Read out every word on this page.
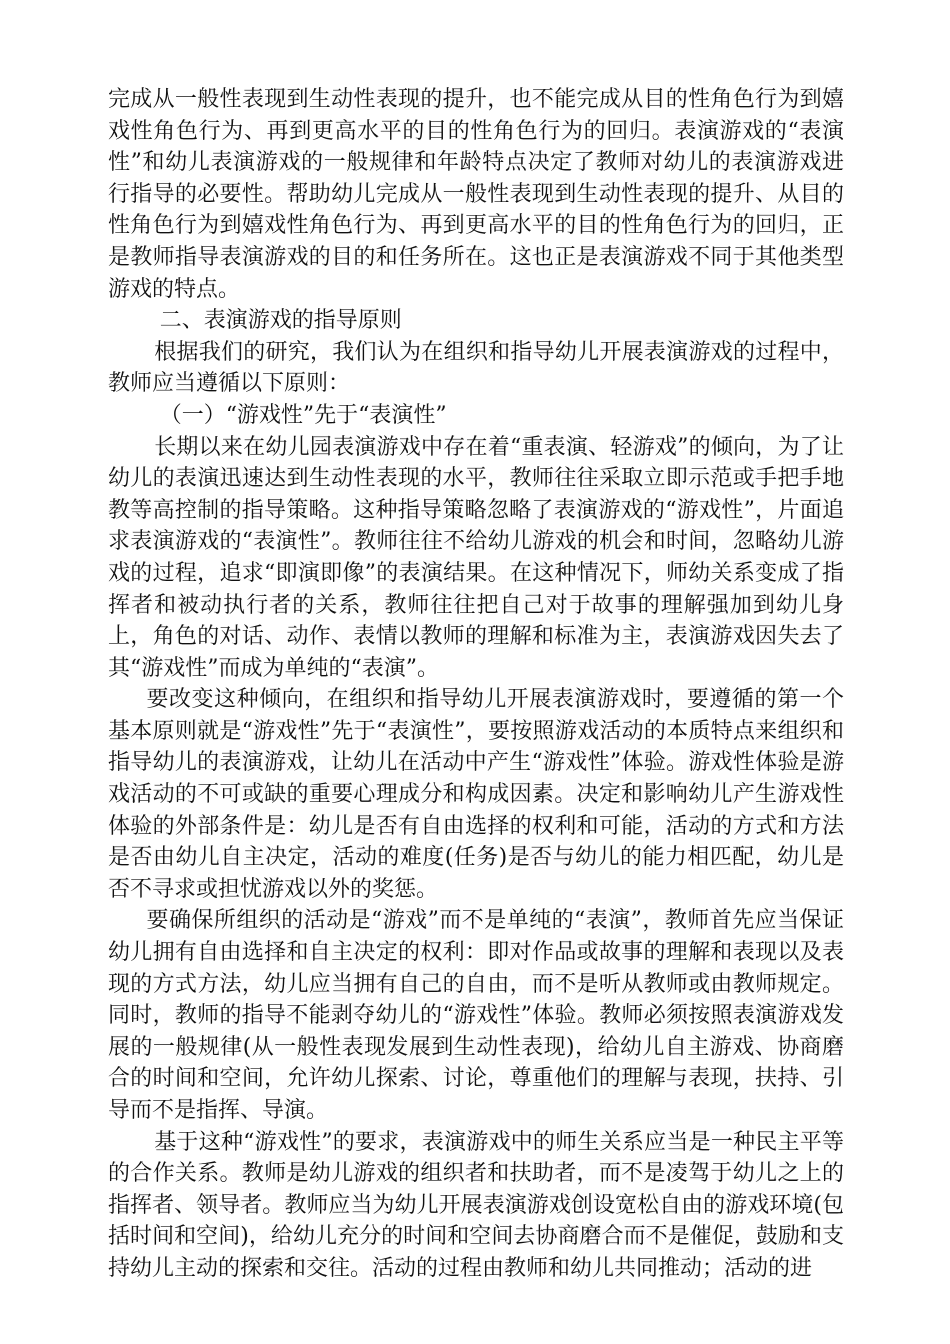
完成从一般性表现到生动性表现的提升，也不能完成从目的性角色行为到嬉戏性角色行为、再到更高水平的目的性角色行为的回归。表演游戏的“表演性”和幼儿表演游戏的一般规律和年龄特点决定了教师对幼儿的表演游戏进行指导的必要性。帮助幼儿完成从一般性表现到生动性表现的提升、从目的性角色行为到嬉戏性角色行为、再到更高水平的目的性角色行为的回归，正是教师指导表演游戏的目的和任务所在。这也正是表演游戏不同于其他类型游戏的特点。

二、表演游戏的指导原则

根据我们的研究，我们认为在组织和指导幼儿开展表演游戏的过程中，教师应当遵循以下原则：

（一）“游戏性”先于“表演性”

长期以来在幼儿园表演游戏中存在着“重表演、轻游戏”的倾向，为了让幼儿的表演迅速达到生动性表现的水平，教师往往采取立即示范或手把手地教等高控制的指导策略。这种指导策略忽略了表演游戏的“游戏性”，片面追求表演游戏的“表演性”。教师往往不给幼儿游戏的机会和时间，忽略幼儿游戏的过程，追求“即演即像”的表演结果。在这种情况下，师幼关系变成了指挥者和被动执行者的关系，教师往往把自己对于故事的理解强加到幼儿身上，角色的对话、动作、表情以教师的理解和标准为主，表演游戏因失去了其“游戏性”而成为单纯的“表演”。

要改变这种倾向，在组织和指导幼儿开展表演游戏时，要遵循的第一个基本原则就是“游戏性”先于“表演性”，要按照游戏活动的本质特点来组织和指导幼儿的表演游戏，让幼儿在活动中产生“游戏性”体验。游戏性体验是游戏活动的不可或缺的重要心理成分和构成因素。决定和影响幼儿产生游戏性体验的外部条件是：幼儿是否有自由选择的权利和可能，活动的方式和方法是否由幼儿自主决定，活动的难度(任务)是否与幼儿的能力相匹配，幼儿是否不寻求或担忧游戏以外的奖惩。

要确保所组织的活动是“游戏”而不是单纯的“表演”，教师首先应当保证幼儿拥有自由选择和自主决定的权利：即对作品或故事的理解和表现以及表现的方式方法，幼儿应当拥有自己的自由，而不是听从教师或由教师规定。同时，教师的指导不能剥夺幼儿的“游戏性”体验。教师必须按照表演游戏发展的一般规律(从一般性表现发展到生动性表现)，给幼儿自主游戏、协商磨合的时间和空间，允许幼儿探索、讨论，尊重他们的理解与表现，扶持、引导而不是指挥、导演。

基于这种“游戏性”的要求，表演游戏中的师生关系应当是一种民主平等的合作关系。教师是幼儿游戏的组织者和扶助者，而不是凌驾于幼儿之上的指挥者、领导者。教师应当为幼儿开展表演游戏创设宽松自由的游戏环境(包括时间和空间)，给幼儿充分的时间和空间去协商磨合而不是催促，鼓励和支持幼儿主动的探索和交往。活动的过程由教师和幼儿共同推动；活动的进
